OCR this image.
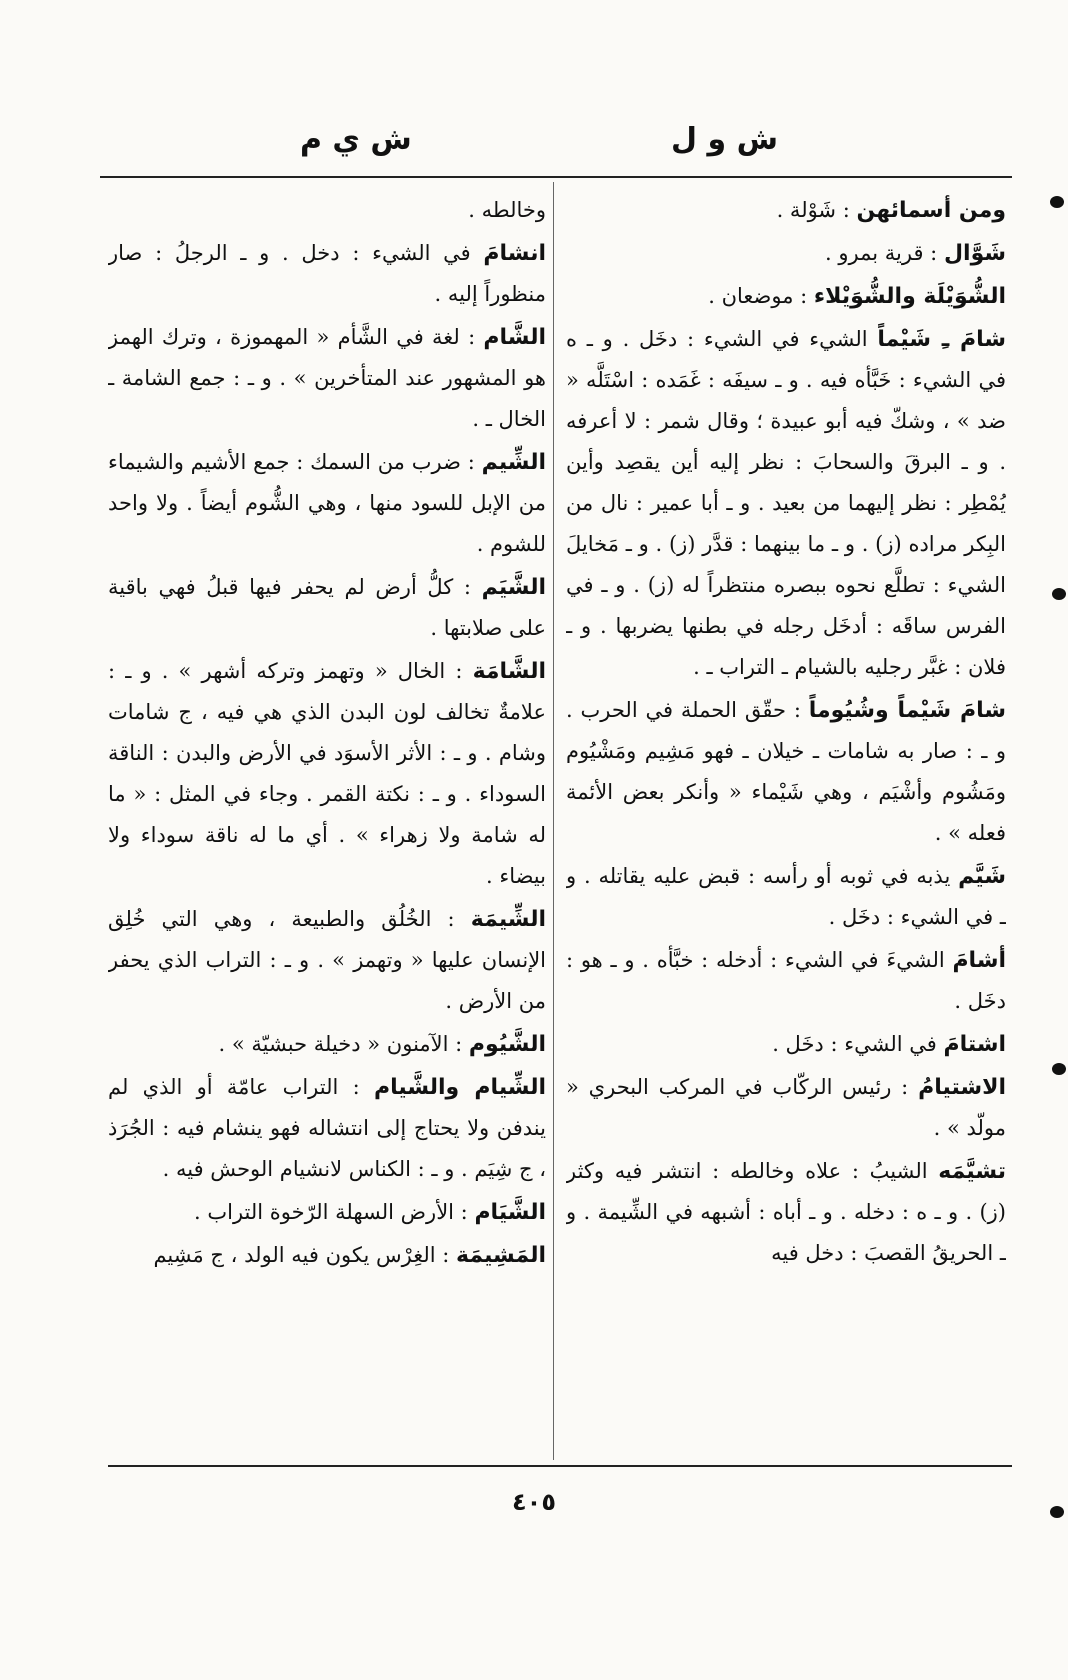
ش و ل
ش ي م

ومن أسمائهن : شَوْلة .

شَوَّال : قرية بمرو .

الشُّوَيْلَة والشُّوَيْلاء : موضعان .

شامَ ـِ شَيْماً الشيء في الشيء : دخَل . و ـ ه في الشيء : خَبَّأه فيه . و ـ سيفَه : غَمَده : اسْتَلَّه « ضد » ، وشكّ فيه أبو عبيدة ؛ وقال شمر : لا أعرفه . و ـ البرقَ والسحابَ : نظر إليه أين يقصِد وأين يُمْطِر : نظر إليهما من بعيد . و ـ أبا عمير : نال من البِكر مراده (ز) . و ـ ما بينهما : قدَّر (ز) . و ـ مَخايلَ الشيء : تطلَّع نحوه ببصره منتظراً له (ز) . و ـ في الفرس ساقَه : أدخَل رجله في بطنها يضربها . و ـ فلان : غبَّر رجليه بالشيام ـ التراب ـ .

شامَ شَيْماً وشُيُوماً : حقّق الحملة في الحرب . و ـ : صار به شامات ـ خيلان ـ فهو مَشِيم ومَشْيُوم ومَشُوم وأشْيَم ، وهي شَيْماء « وأنكر بعض الأئمة فعله » .

شَيَّم يذبه في ثوبه أو رأسه : قبض عليه يقاتله . و ـ في الشيء : دخَل .

أشامَ الشيءَ في الشيء : أدخله : خبَّأه . و ـ هو : دخَل .

اشتامَ في الشيء : دخَل .

الاشتيامُ : رئيس الركّاب في المركب البحري « مولّد » .

تشيَّمَه الشيبُ : علاه وخالطه : انتشر فيه وكثر (ز) . و ـ ه : دخله . و ـ أباه : أشبهه في الشِّيمة . و ـ الحريقُ القصبَ : دخل فيه

وخالطه .

انشامَ في الشيء : دخل . و ـ الرجلُ : صار منظوراً إليه .

الشَّام : لغة في الشَّأم « المهموزة ، وترك الهمز هو المشهور عند المتأخرين » . و ـ : جمع الشامة ـ الخال ـ .

الشِّيم : ضرب من السمك : جمع الأشيم والشيماء من الإبل للسود منها ، وهي الشُّوم أيضاً . ولا واحد للشوم .

الشَّيَم : كلُّ أرض لم يحفر فيها قبلُ فهي باقية على صلابتها .

الشَّامَة : الخال « وتهمز وتركه أشهر » . و ـ : علامةٌ تخالف لون البدن الذي هي فيه ، ج شامات وشام . و ـ : الأثر الأسوَد في الأرض والبدن : الناقة السوداء . و ـ : نكتة القمر . وجاء في المثل : « ما له شامة ولا زهراء » . أي ما له ناقة سوداء ولا بيضاء .

الشِّيمَة : الخُلُق والطبيعة ، وهي التي خُلِق الإنسان عليها « وتهمز » . و ـ : التراب الذي يحفر من الأرض .

الشَّيُوم : الآمنون « دخيلة حبشيّة » .

الشِّيام والشَّيام : التراب عامّة أو الذي لم يندفن ولا يحتاج إلى انتشاله فهو ينشام فيه : الجُرَذ ، ج شِيَم . و ـ : الكناس لانشيام الوحش فيه .

الشَّيَام : الأرض السهلة الرّخوة التراب .

المَشِيمَة : الغِرْس يكون فيه الولد ، ج مَشِيم

٤٠٥
